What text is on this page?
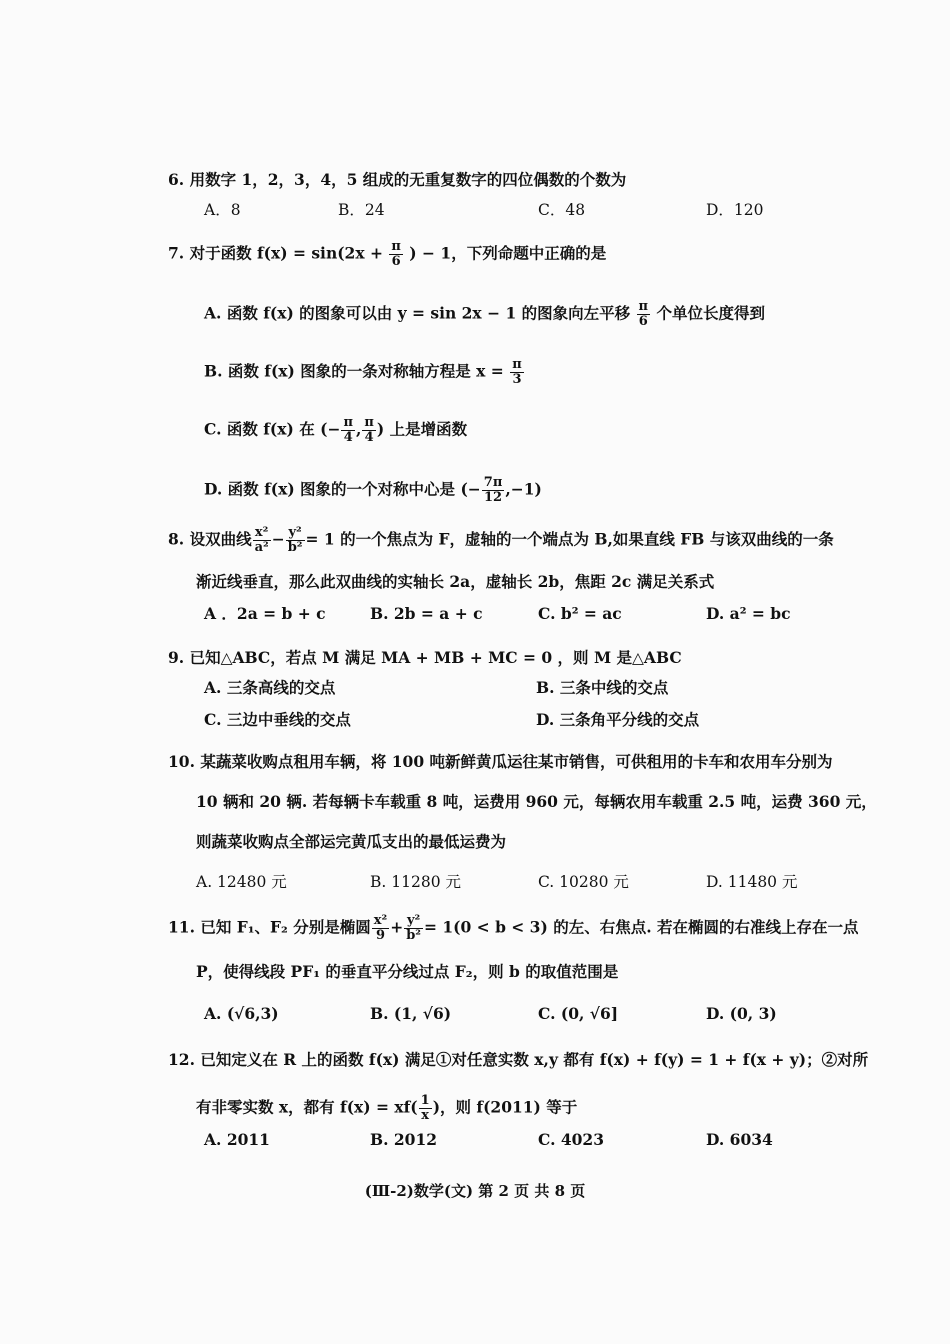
6. 用数字 1，2，3，4，5 组成的无重复数字的四位偶数的个数为
A．8	B．24	C．48	D．120
7. 对于函数 $f(x) = \sin(2x + \frac{\pi}{6}$ ) − 1，下列命题中正确的是
A. 函数 f(x) 的图象可以由 y = sin 2x − 1 的图象向左平移 $\frac{\pi}{6}$ 个单位长度得到
B. 函数 f(x) 图象的一条对称轴方程是 $x = \frac{\pi}{3}$
C. 函数 f(x) 在 (− $\frac{\pi}{4}$ , $\frac{\pi}{4}$ ) 上是增函数
D. 函数 f(x) 图象的一个对称中心是 (− $\frac{7\pi}{12} ,-1$)
8. 设双曲线 $\frac{\text{x²}}{\text{a²}} - \frac{\text{y²}}{\text{b²}} = 1$ 的一个焦点为 F，虚轴的一个端点为 B,如果直线 FB 与该双曲线的一条
渐近线垂直，那么此双曲线的实轴长 2a，虚轴长 2b，焦距 2c 满足关系式
A ．2a = b + c	B. 2b = a + c	C. b² = ac	D. a² = bc
9. 已知△ABC，若点 M 满足 MA + MB + MC = 0 ，则 M 是△ABC
A. 三条高线的交点	B. 三条中线的交点
C. 三边中垂线的交点	D. 三条角平分线的交点
10. 某蔬菜收购点租用车辆，将 100 吨新鲜黄瓜运往某市销售，可供租用的卡车和农用车分别为
10 辆和 20 辆. 若每辆卡车载重 8 吨，运费用 960 元，每辆农用车载重 2.5 吨，运费 360 元，
则蔬菜收购点全部运完黄瓜支出的最低运费为
A. 12480 元	B. 11280 元	C. 10280 元	D. 11480 元
11. 已知 F₁、F₂ 分别是椭圆 $\frac{\text{x²}}{9} + \frac{\text{y²}}{\text{b²}} = 1(0 < b < 3)$ 的左、右焦点. 若在椭圆的右准线上存在一点
P，使得线段 PF₁ 的垂直平分线过点 F₂，则 b 的取值范围是
A. (√6,3)	B. (1, √6)	C. (0, √6]	D. (0, 3)
12. 已知定义在 R 上的函数 f(x) 满足①对任意实数 x,y 都有 f(x) + f(y) = 1 + f(x + y)；②对所
有非零实数 x，都有 $f(x) = xf( \frac{1}{x}$ )，则 f(2011) 等于
A. 2011	B. 2012	C. 4023	D. 6034
(Ⅲ-2)数学(文) 第 2 页 共 8 页
